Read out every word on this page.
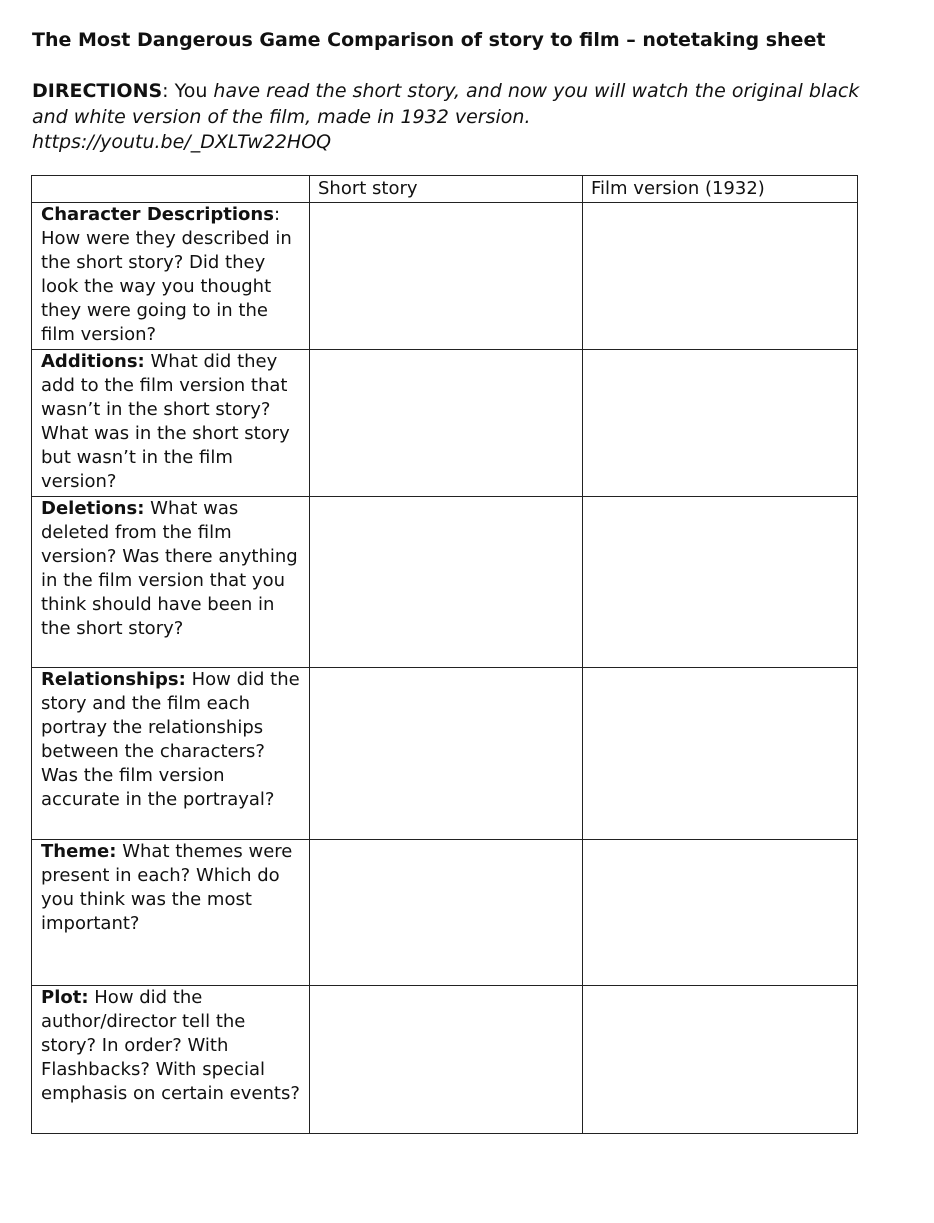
The Most Dangerous Game Comparison of story to film – notetaking sheet
DIRECTIONS: You have read the short story, and now you will watch the original black and white version of the film, made in 1932 version.
https://youtu.be/_DXLTw22HOQ
	Short story	Film version (1932)
Character Descriptions: How were they described in the short story? Did they look the way you thought they were going to in the film version?		
Additions: What did they add to the film version that wasn’t in the short story? What was in the short story but wasn’t in the film version?		
Deletions: What was deleted from the film version? Was there anything in the film version that you think should have been in the short story?		
Relationships: How did the story and the film each portray the relationships between the characters? Was the film version accurate in the portrayal?		
Theme: What themes were present in each? Which do you think was the most important?		
Plot: How did the author/director tell the story? In order? With Flashbacks? With special emphasis on certain events?		
